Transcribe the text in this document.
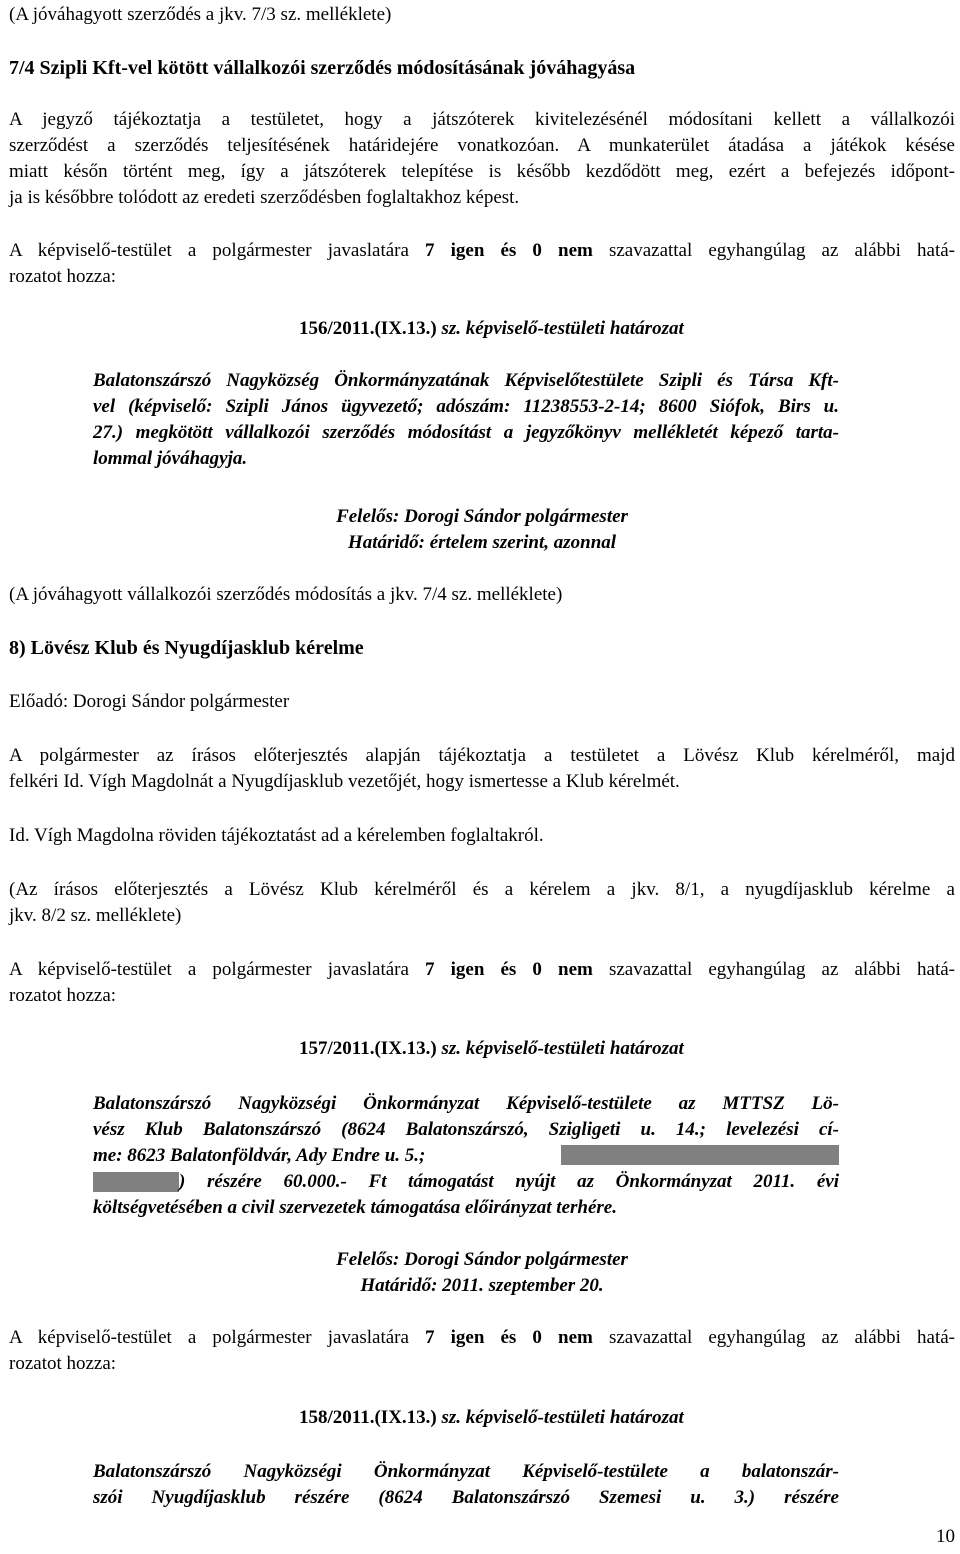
(A jóváhagyott szerződés a jkv. 7/3 sz. melléklete)
7/4 Szipli Kft-vel kötött vállalkozói szerződés módosításának jóváhagyása
A jegyző tájékoztatja a testületet, hogy a játszóterek kivitelezésénél módosítani kellett a vállalkozói
szerződést a szerződés teljesítésének határidejére vonatkozóan. A munkaterület átadása a játékok késése
miatt későn történt meg, így a játszóterek telepítése is később kezdődött meg, ezért a befejezés időpont-
ja is későbbre tolódott az eredeti szerződésben foglaltakhoz képest.
A képviselő-testület a polgármester javaslatára 7 igen és 0 nem szavazattal egyhangúlag az alábbi hatá-
rozatot hozza:
156/2011.(IX.13.) sz. képviselő-testületi határozat
Balatonszárszó Nagyközség Önkormányzatának Képviselőtestülete Szipli és Társa Kft-
vel (képviselő: Szipli János ügyvezető; adószám: 11238553-2-14; 8600 Siófok, Birs u.
27.) megkötött vállalkozói szerződés módosítást a jegyzőkönyv mellékletét képező tarta-
lommal jóváhagyja.
Felelős: Dorogi Sándor polgármester
Határidő: értelem szerint, azonnal
(A jóváhagyott vállalkozói szerződés módosítás a jkv. 7/4 sz. melléklete)
8) Lövész Klub és Nyugdíjasklub kérelme
Előadó: Dorogi Sándor polgármester
A polgármester az írásos előterjesztés alapján tájékoztatja a testületet a Lövész Klub kérelméről, majd
felkéri Id. Vígh Magdolnát a Nyugdíjasklub vezetőjét, hogy ismertesse a Klub kérelmét.
Id. Vígh Magdolna röviden tájékoztatást ad a kérelemben foglaltakról.
(Az írásos előterjesztés a Lövész Klub kérelméről és a kérelem a jkv. 8/1, a nyugdíjasklub kérelme a
jkv. 8/2 sz. melléklete)
A képviselő-testület a polgármester javaslatára 7 igen és 0 nem szavazattal egyhangúlag az alábbi hatá-
rozatot hozza:
157/2011.(IX.13.) sz. képviselő-testületi határozat
Balatonszárszó Nagyközségi Önkormányzat Képviselő-testülete az MTTSZ Lö-
vész Klub Balatonszárszó (8624 Balatonszárszó, Szigligeti u. 14.; levelezési cí-
me: 8623 Balatonföldvár, Ady Endre u. 5.;
) részére 60.000.- Ft támogatást nyújt az Önkormányzat 2011. évi
költségvetésében a civil szervezetek támogatása előirányzat terhére.
Felelős: Dorogi Sándor polgármester
Határidő: 2011. szeptember 20.
A képviselő-testület a polgármester javaslatára 7 igen és 0 nem szavazattal egyhangúlag az alábbi hatá-
rozatot hozza:
158/2011.(IX.13.) sz. képviselő-testületi határozat
Balatonszárszó Nagyközségi Önkormányzat Képviselő-testülete a balatonszár-
szói Nyugdíjasklub részére (8624 Balatonszárszó Szemesi u. 3.) részére
10
